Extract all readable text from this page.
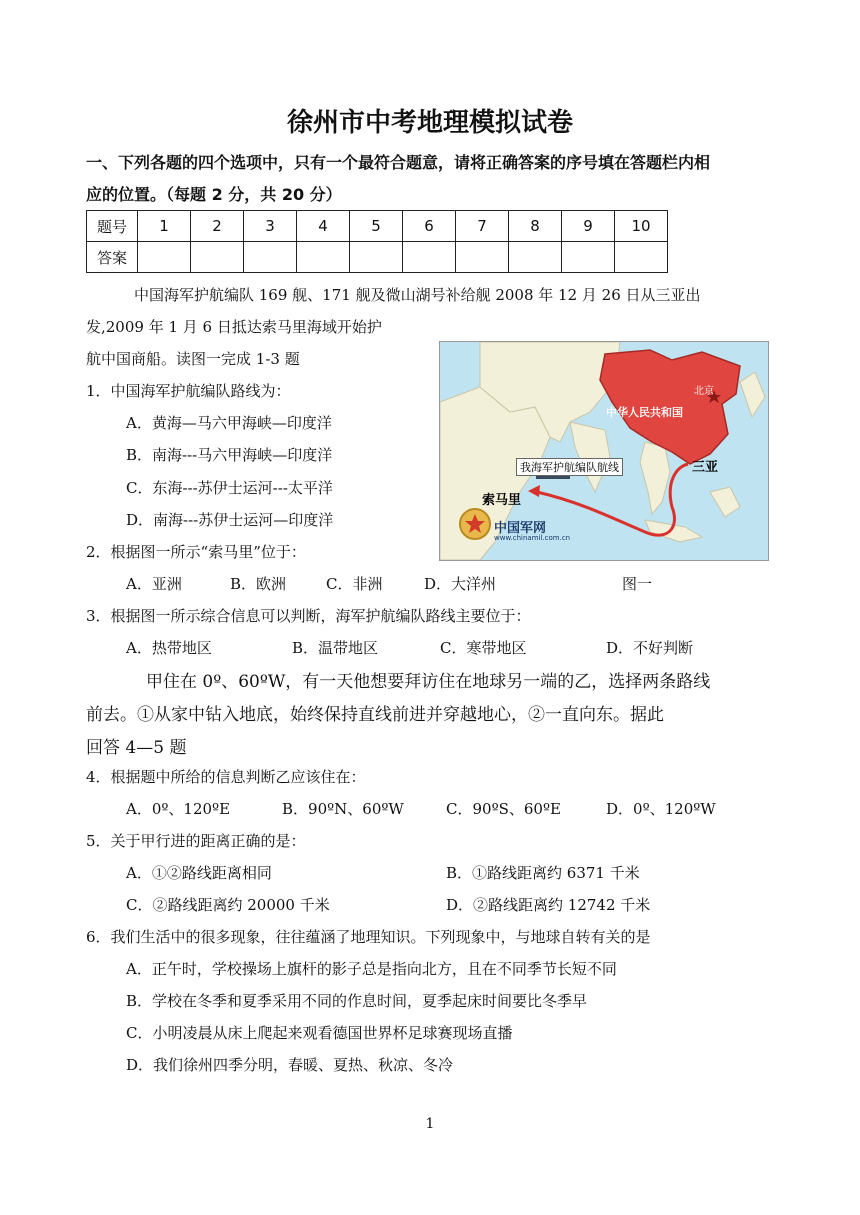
徐州市中考地理模拟试卷
一、下列各题的四个选项中，只有一个最符合题意，请将正确答案的序号填在答题栏内相
应的位置。（每题 2 分，共 20 分）
题号	1	2	3	4	5	6	7	8	9	10
答案										
中国海军护航编队 169 舰、171 舰及微山湖号补给舰 2008 年 12 月 26 日从三亚出
发,2009 年 1 月 6 日抵达索马里海域开始护
航中国商船。读图一完成 1-3 题
北京
中华人民共和国
三亚
我海军护航编队航线
索马里
中国军网
www.chinamil.com.cn
1．中国海军护航编队路线为：
A．黄海—马六甲海峡—印度洋
B．南海---马六甲海峡—印度洋
C．东海---苏伊士运河---太平洋
D．南海---苏伊士运河—印度洋
2．根据图一所示“索马里”位于：
A．亚洲	B．欧洲	C．非洲	D．大洋州	图一
3．根据图一所示综合信息可以判断，海军护航编队路线主要位于：
A．热带地区	B．温带地区	C．寒带地区	D．不好判断
甲住在 0º、60ºW，有一天他想要拜访住在地球另一端的乙，选择两条路线
前去。①从家中钻入地底，始终保持直线前进并穿越地心，②一直向东。据此
回答 4—5 题
4．根据题中所给的信息判断乙应该住在：
A．0º、120ºE	B．90ºN、60ºW	C．90ºS、60ºE	D．0º、120ºW
5．关于甲行进的距离正确的是：
A．①②路线距离相同	B．①路线距离约 6371 千米
C．②路线距离约 20000 千米	D．②路线距离约 12742 千米
6．我们生活中的很多现象，往往蕴涵了地理知识。下列现象中，与地球自转有关的是
A．正午时，学校操场上旗杆的影子总是指向北方，且在不同季节长短不同
B．学校在冬季和夏季采用不同的作息时间，夏季起床时间要比冬季早
C．小明凌晨从床上爬起来观看德国世界杯足球赛现场直播
D．我们徐州四季分明，春暖、夏热、秋凉、冬冷
1
